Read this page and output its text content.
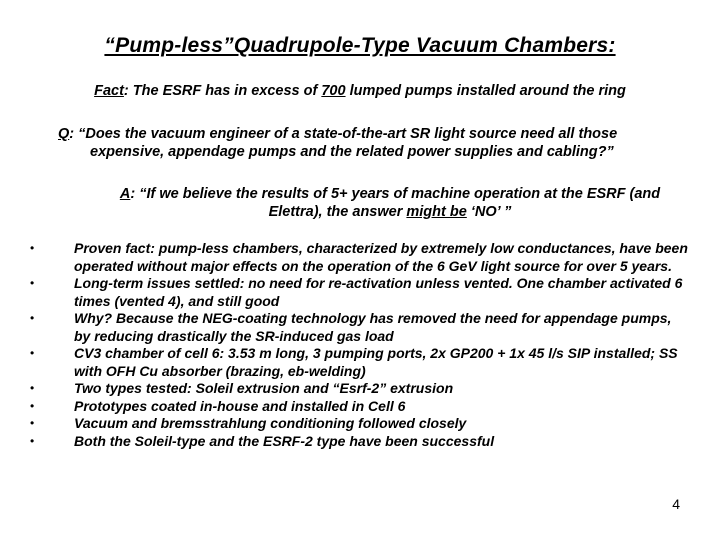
“Pump-less”Quadrupole-Type Vacuum Chambers:
Fact: The ESRF has in excess of 700 lumped pumps installed around the ring
Q: “Does the vacuum engineer of a state-of-the-art SR light source need all those
expensive, appendage pumps and the related power supplies and cabling?”
A: “If we believe the results of 5+ years of machine operation at the ESRF (and
Elettra), the answer might be ‘NO’ ”
•	Proven fact: pump-less chambers, characterized by extremely low conductances, have been operated without major effects on the operation of the 6 GeV light source for over 5 years.
•	Long-term issues settled: no need for re-activation unless vented. One chamber activated 6 times (vented 4), and still good
•	Why? Because the NEG-coating technology has removed the need for appendage pumps, by reducing drastically the SR-induced gas load
•	CV3 chamber of cell 6: 3.53 m long, 3 pumping ports, 2x GP200 + 1x 45 l/s SIP installed; SS with OFH Cu absorber (brazing, eb-welding)
•	Two types tested: Soleil extrusion and “Esrf-2” extrusion
•	Prototypes coated in-house and installed in Cell 6
•	Vacuum and bremsstrahlung conditioning followed closely
•	Both the Soleil-type and the ESRF-2 type have been successful
4
